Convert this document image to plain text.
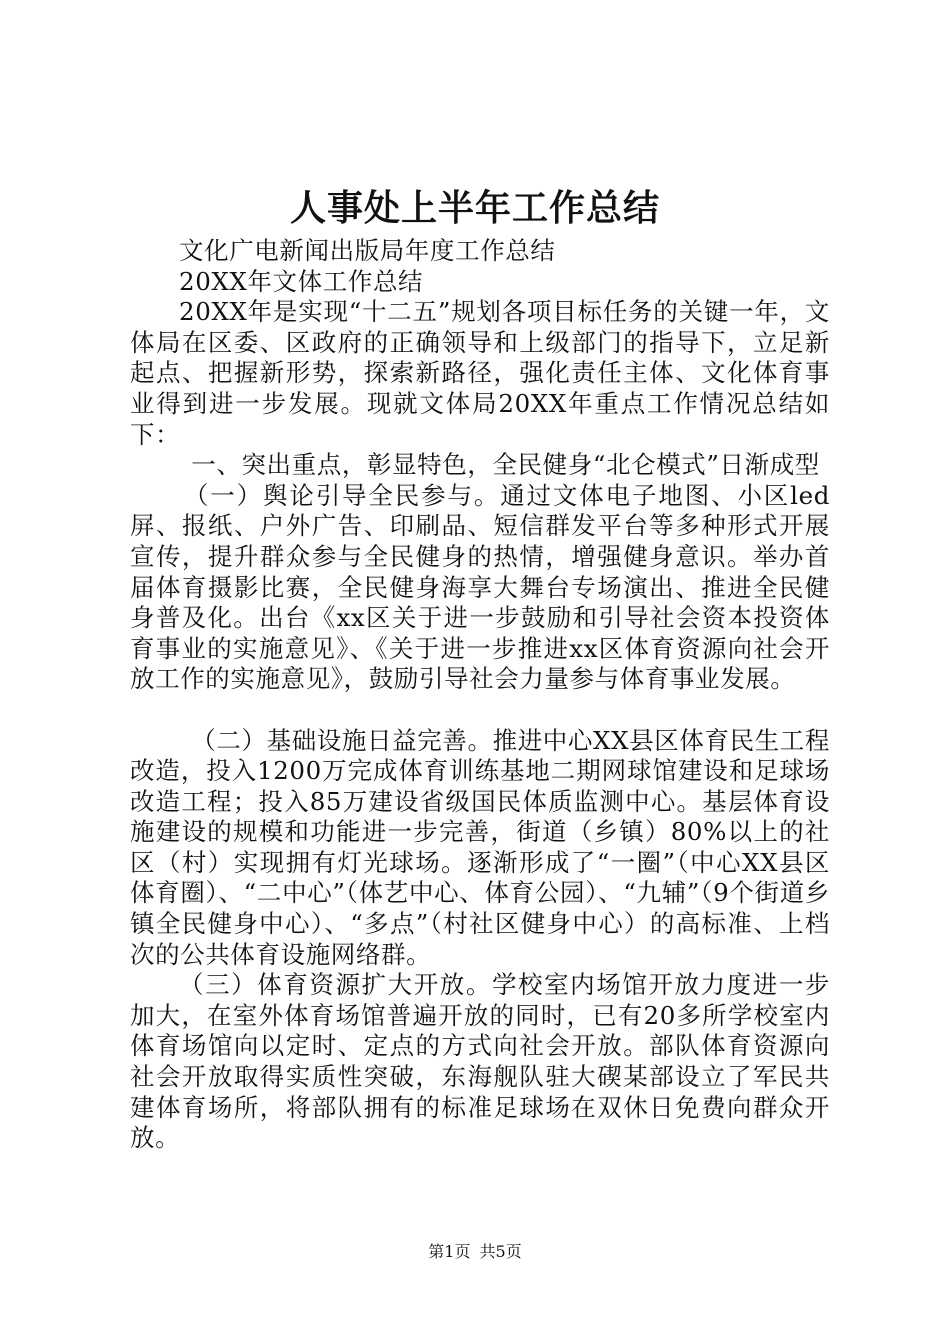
人事处上半年工作总结

文化广电新闻出版局年度工作总结

20XX年文体工作总结

20XX年是实现“十二五”规划各项目标任务的关键一年，文体局在区委、区政府的正确领导和上级部门的指导下，立足新起点、把握新形势，探索新路径，强化责任主体、文化体育事业得到进一步发展。现就文体局20XX年重点工作情况总结如下：

一、突出重点，彰显特色，全民健身“北仑模式”日渐成型

（一）舆论引导全民参与。通过文体电子地图、小区led屏、报纸、户外广告、印刷品、短信群发平台等多种形式开展宣传，提升群众参与全民健身的热情，增强健身意识。举办首届体育摄影比赛，全民健身海享大舞台专场演出、推进全民健身普及化。出台《xx区关于进一步鼓励和引导社会资本投资体育事业的实施意见》、《关于进一步推进xx区体育资源向社会开放工作的实施意见》，鼓励引导社会力量参与体育事业发展。

（二）基础设施日益完善。推进中心XX县区体育民生工程改造，投入1200万完成体育训练基地二期网球馆建设和足球场改造工程；投入85万建设省级国民体质监测中心。基层体育设施建设的规模和功能进一步完善，街道（乡镇）80%以上的社区（村）实现拥有灯光球场。逐渐形成了“一圈”（中心XX县区体育圈）、“二中心”（体艺中心、体育公园）、“九辅”（9个街道乡镇全民健身中心）、“多点”（村社区健身中心）的高标准、上档次的公共体育设施网络群。

（三）体育资源扩大开放。学校室内场馆开放力度进一步加大，在室外体育场馆普遍开放的同时，已有20多所学校室内体育场馆向以定时、定点的方式向社会开放。部队体育资源向社会开放取得实质性突破，东海舰队驻大碶某部设立了军民共建体育场所，将部队拥有的标准足球场在双休日免费向群众开放。

第1页 共5页
